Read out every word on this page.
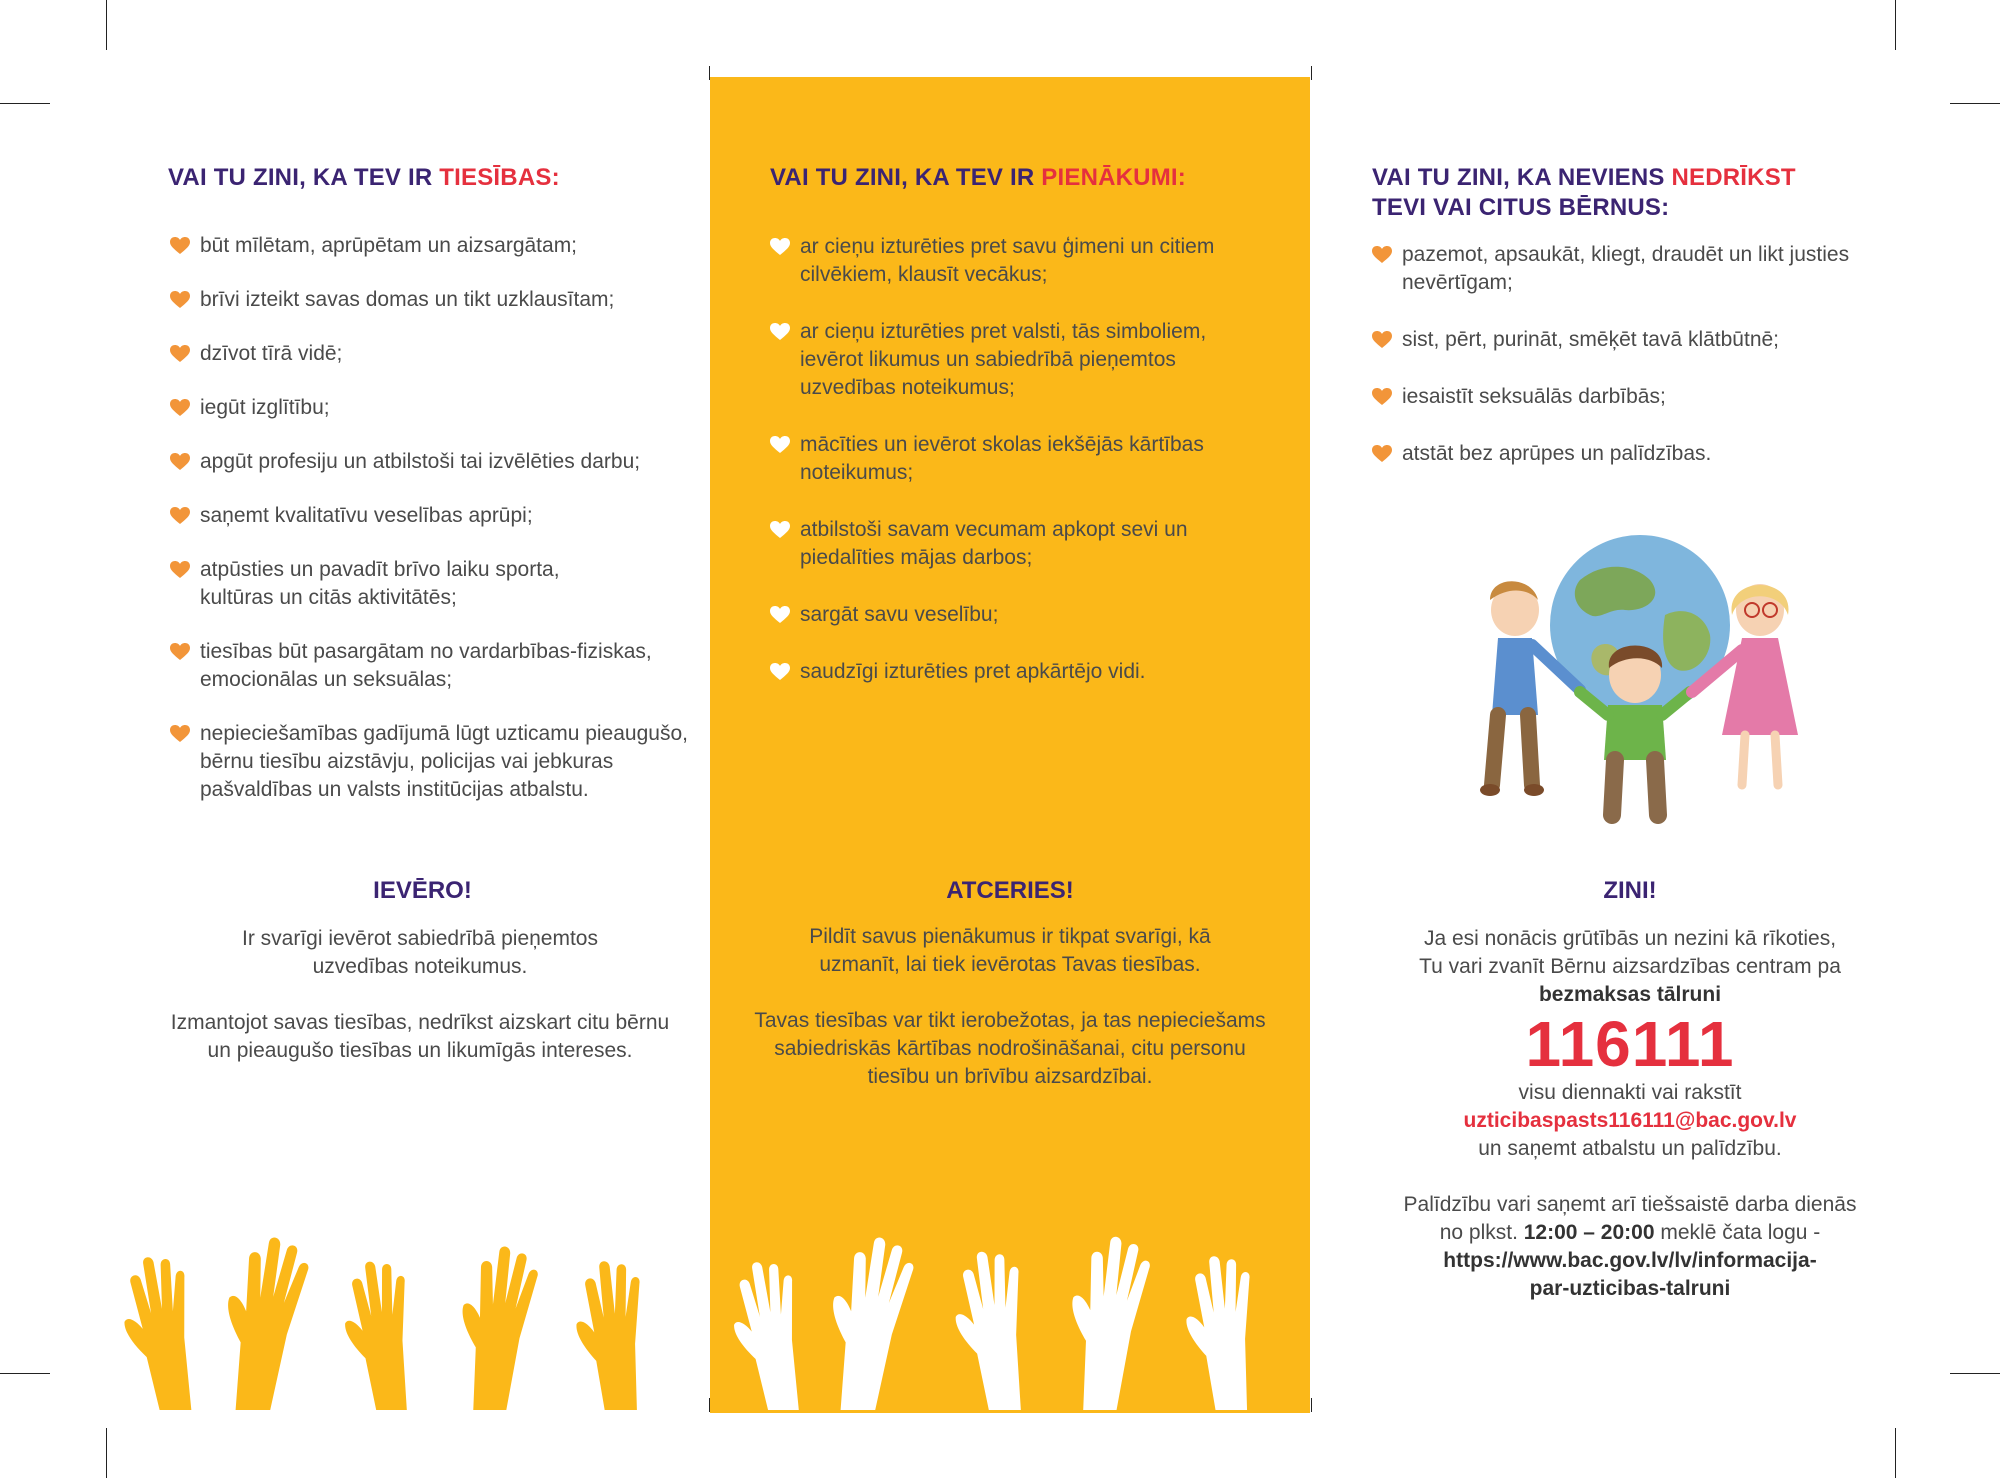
VAI TU ZINI, KA TEV IR TIESĪBAS:
būt mīlētam, aprūpētam un aizsargātam;
brīvi izteikt savas domas un tikt uzklausītam;
dzīvot tīrā vidē;
iegūt izglītību;
apgūt profesiju un atbilstoši tai izvēlēties darbu;
saņemt kvalitatīvu veselības aprūpi;
atpūsties un pavadīt brīvo laiku sporta, kultūras un citās aktivitātēs;
tiesības būt pasargātam no vardarbības-fiziskas, emocionālas un seksuālas;
nepieciešamības gadījumā lūgt uzticamu pieaugušo, bērnu tiesību aizstāvju, policijas vai jebkuras pašvaldības un valsts institūcijas atbalstu.
IEVĒRO!

Ir svarīgi ievērot sabiedrībā pieņemtos uzvedības noteikumus.

Izmantojot savas tiesības, nedrīkst aizskart citu bērnu un pieaugušo tiesības un likumīgās intereses.

VAI TU ZINI, KA TEV IR PIENĀKUMI:
ar cieņu izturēties pret savu ģimeni un citiem cilvēkiem, klausīt vecākus;
ar cieņu izturēties pret valsti, tās simboliem, ievērot likumus un sabiedrībā pieņemtos uzvedības noteikumus;
mācīties un ievērot skolas iekšējās kārtības noteikumus;
atbilstoši savam vecumam apkopt sevi un piedalīties mājas darbos;
sargāt savu veselību;
saudzīgi izturēties pret apkārtējo vidi.
ATCERIES!

Pildīt savus pienākumus ir tikpat svarīgi, kā uzmanīt, lai tiek ievērotas Tavas tiesības.

Tavas tiesības var tikt ierobežotas, ja tas nepieciešams sabiedriskās kārtības nodrošināšanai, citu personu tiesību un brīvību aizsardzībai.

VAI TU ZINI, KA NEVIENS NEDRĪKST
TEVI VAI CITUS BĒRNUS:
pazemot, apsaukāt, kliegt, draudēt un likt justies nevērtīgam;
sist, pērt, purināt, smēķēt tavā klātbūtnē;
iesaistīt seksuālās darbībās;
atstāt bez aprūpes un palīdzības.
ZINI!

Ja esi nonācis grūtībās un nezini kā rīkoties,

Tu vari zvanīt Bērnu aizsardzības centram pa

bezmaksas tālruni

116111

visu diennakti vai rakstīt

uzticibaspasts116111@bac.gov.lv

un saņemt atbalstu un palīdzību.

Palīdzību vari saņemt arī tiešsaistē darba dienās

no plkst. 12:00 – 20:00 meklē čata logu -

https://www.bac.gov.lv/lv/informacija-

par-uzticibas-talruni
